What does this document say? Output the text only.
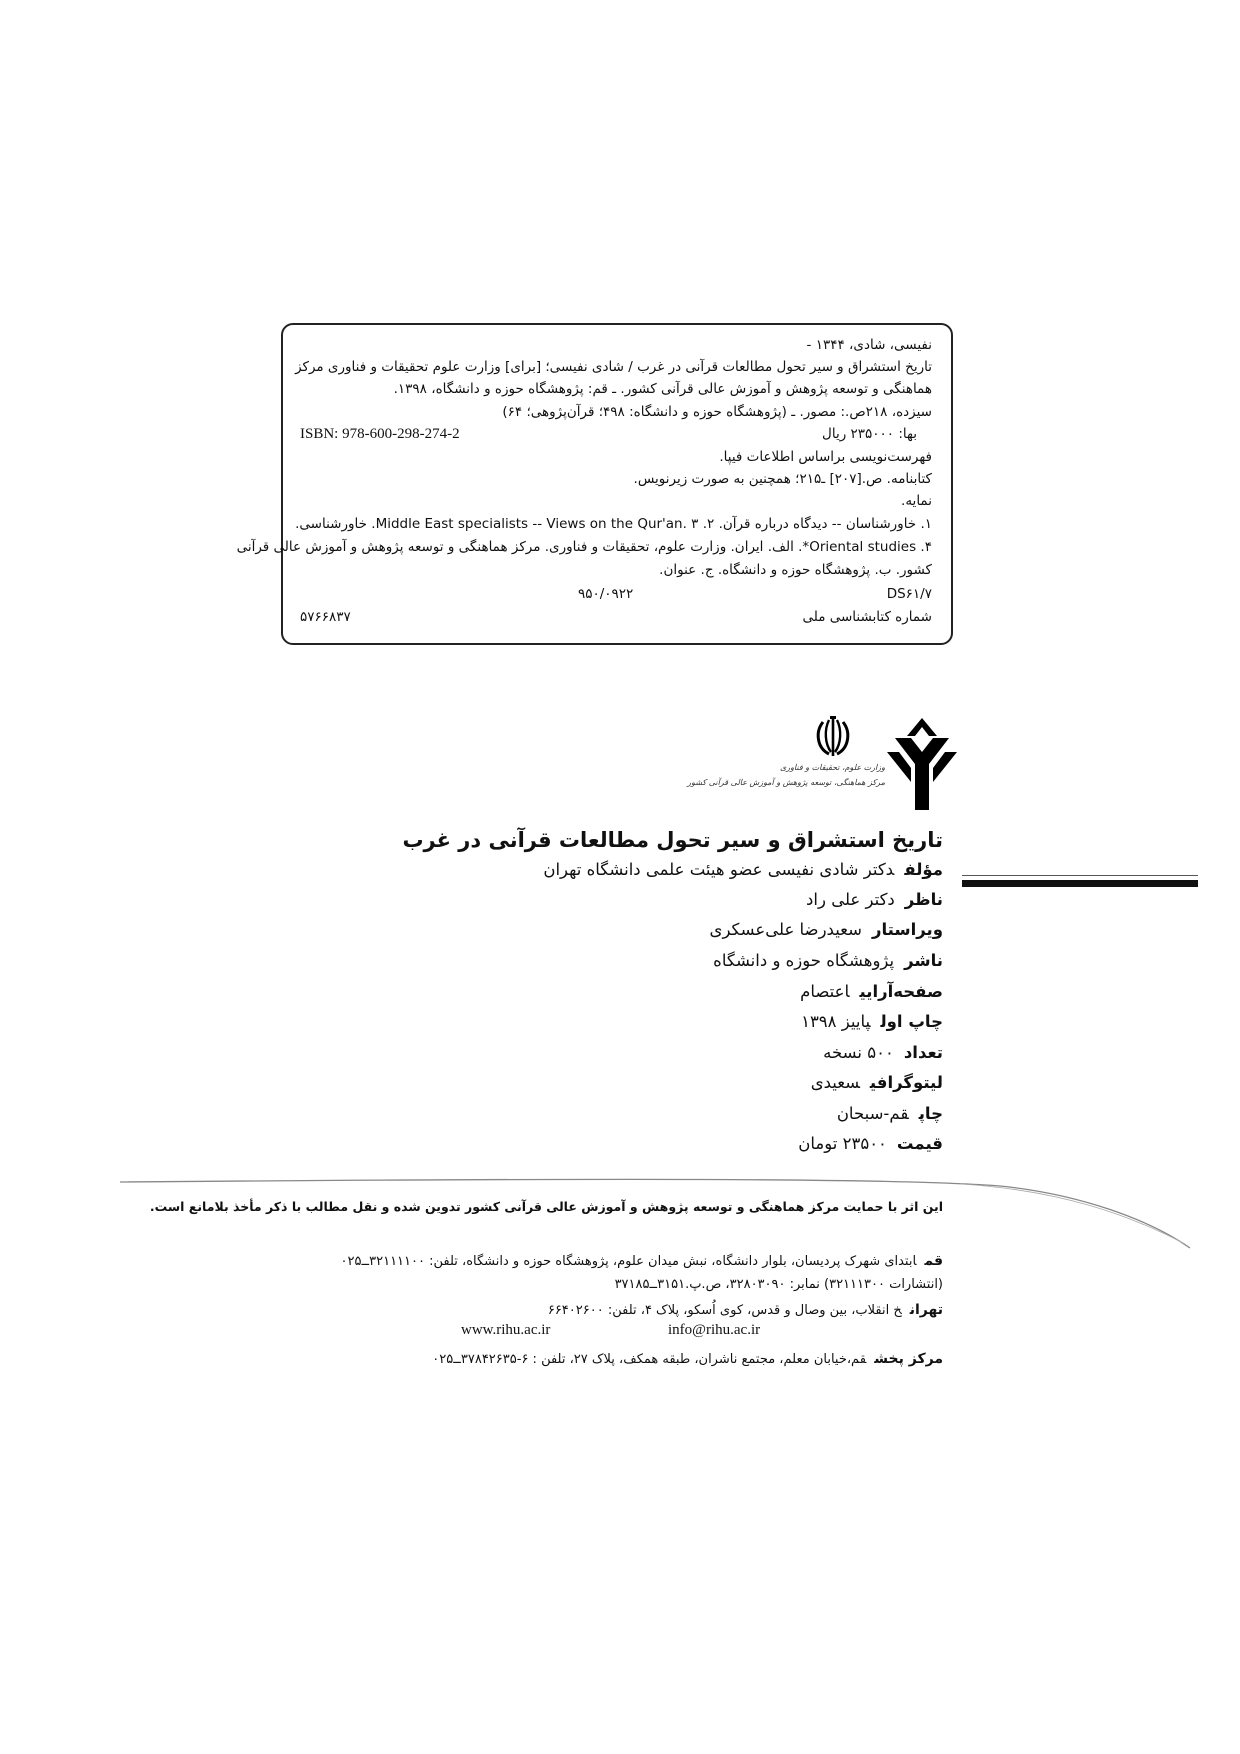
نفیسی، شادی، ۱۳۴۴ -
تاریخ استشراق و سیر تحول مطالعات قرآنی در غرب / شادی نفیسی؛ [برای] وزارت علوم تحقیقات و فناوری مرکز
هماهنگی و توسعه پژوهش و آموزش عالی قرآنی کشور. ـ قم: پژوهشگاه حوزه و دانشگاه، ۱۳۹۸.
سیزده، ۲۱۸ص.: مصور. ـ (پژوهشگاه حوزه و دانشگاه: ۴۹۸؛ قرآن‌پژوهی؛ ۶۴)
بها: ۲۳۵۰۰۰ ریال
ISBN: 978-600-298-274-2
فهرست‌نویسی براساس اطلاعات فیپا.
کتابنامه. ص.[۲۰۷] ـ۲۱۵؛ همچنین به صورت زیرنویس.
نمایه.
۱. خاورشناسان -- دیدگاه درباره قرآن. ۲. Middle East specialists -- Views on the Qur'an. ۳. خاورشناسی.
۴. Oriental studies*. الف. ایران. وزارت علوم، تحقیقات و فناوری. مرکز هماهنگی و توسعه پژوهش و آموزش عالی قرآنی
کشور. ب. پژوهشگاه حوزه و دانشگاه. ج. عنوان.
DS۶۱/۷
۹۵۰/۰۹۲۲
شماره کتابشناسی ملی
۵۷۶۶۸۳۷
وزارت علوم، تحقیقات و فناوری
مرکز هماهنگی، توسعه پژوهش و آموزش عالی قرآنی کشور
تاریخ استشراق و سیر تحول مطالعات قرآنی در غرب
مؤلفدکتر شادی نفیسی عضو هیئت علمی دانشگاه تهران
ناظردکتر علی راد
ویراستارسعیدرضا علی‌عسکری
ناشرپژوهشگاه حوزه و دانشگاه
صفحه‌آراییاعتصام
چاپ اولپاییز ۱۳۹۸
تعداد۵۰۰ نسخه
لیتوگرافیسعیدی
چاپقم-سبحان
قیمت۲۳۵۰۰ تومان
این اثر با حمایت مرکز هماهنگی و توسعه پژوهش و آموزش عالی قرآنی کشور تدوین شده و نقل مطالب با ذکر مأخذ بلامانع است.
قمابتدای شهرک پردیسان، بلوار دانشگاه، نبش میدان علوم، پژوهشگاه حوزه و دانشگاه، تلفن: ۳۲۱۱۱۱۰۰ــ۰۲۵
(انتشارات ۳۲۱۱۱۳۰۰) نمابر: ۳۲۸۰۳۰۹۰، ص.پ.۳۱۵۱ــ۳۷۱۸۵
تهرانخ انقلاب، بین وصال و قدس، کوی اُسکو، پلاک ۴، تلفن: ۶۶۴۰۲۶۰۰
info@rihu.ac.ir
www.rihu.ac.ir
مرکز پخشقم،خیابان معلم، مجتمع ناشران، طبقه همکف، پلاک ۲۷، تلفن : ۶-۳۷۸۴۲۶۳۵ــ۰۲۵
